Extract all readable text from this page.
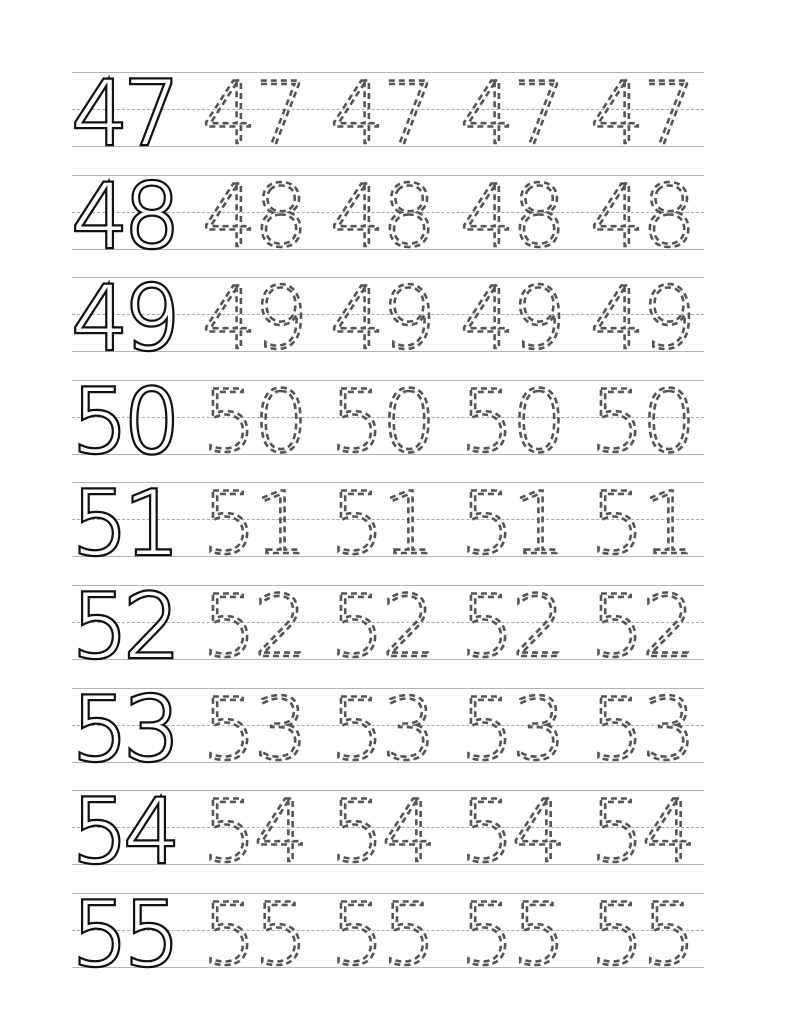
47 47 47 47 47
48 48 48 48 48
49 49 49 49 49
50 50 50 50 50
51 51 51 51 51
52 52 52 52 52
53 53 53 53 53
54 54 54 54 54
55 55 55 55 55
